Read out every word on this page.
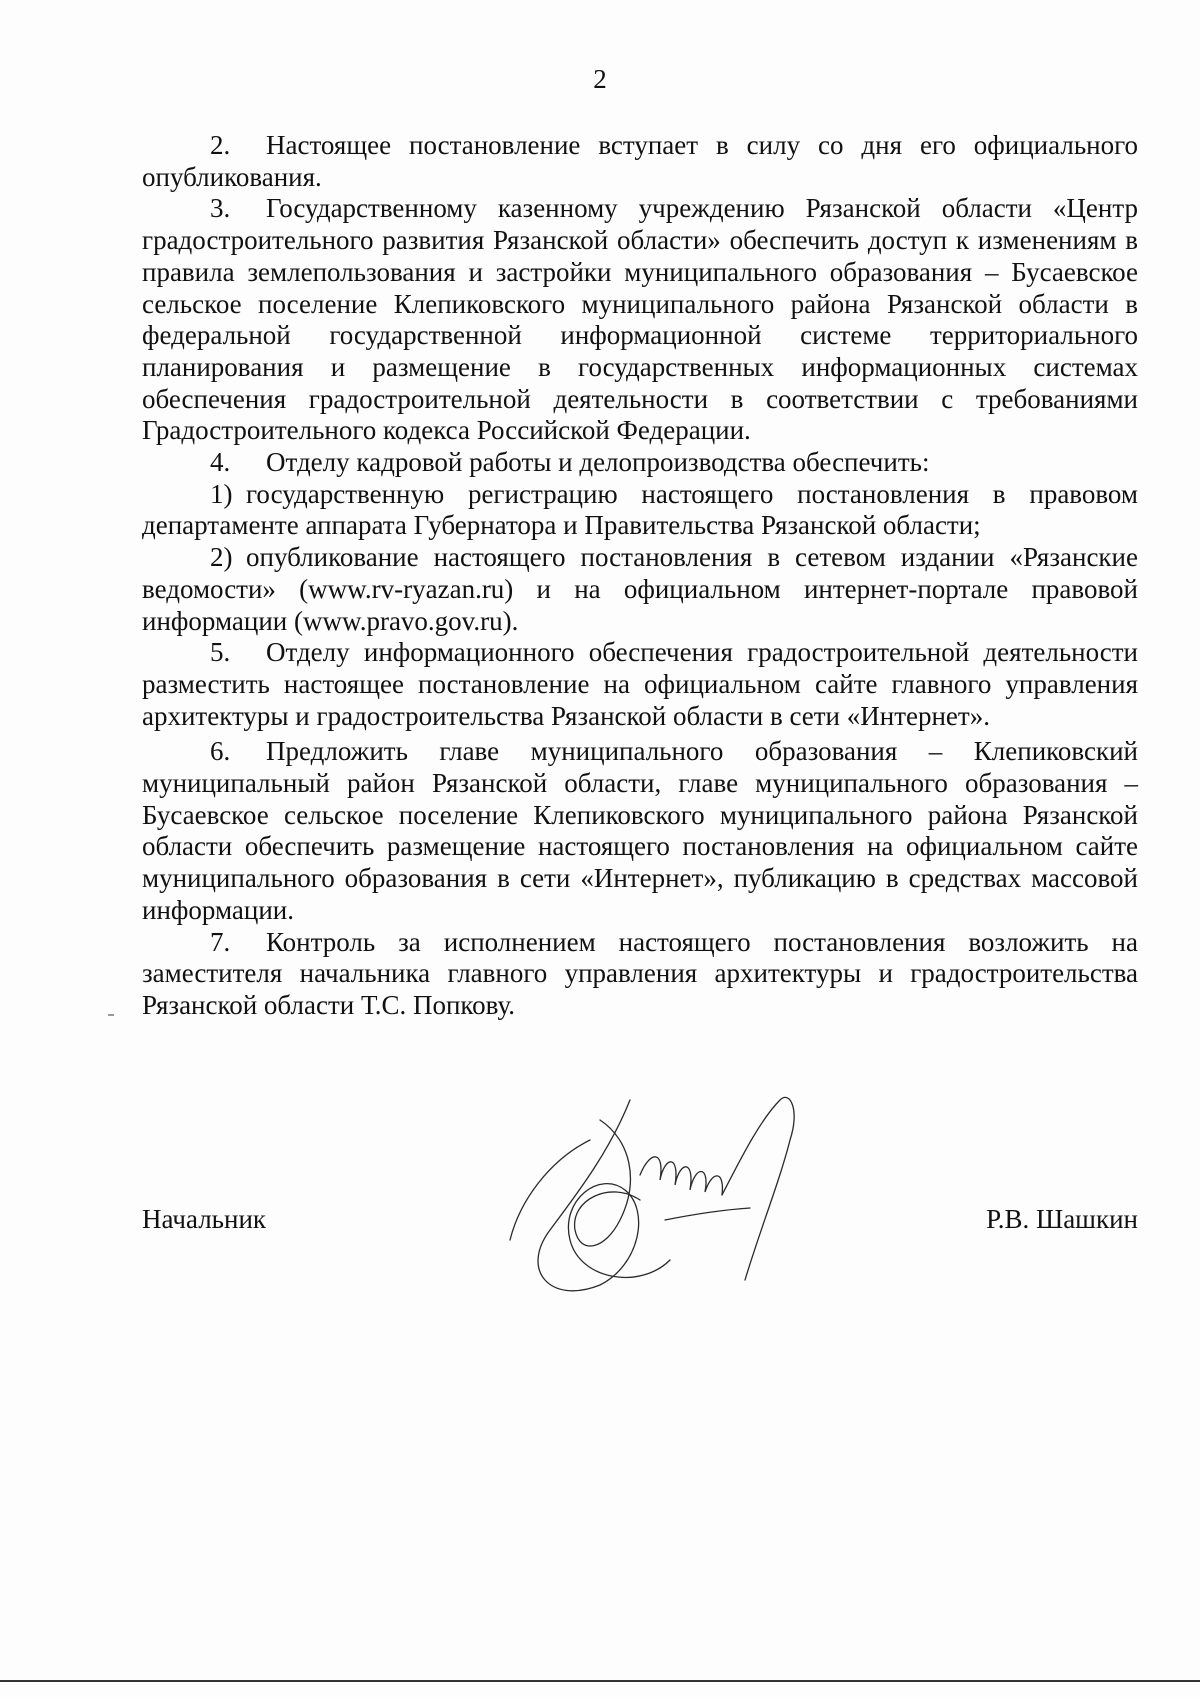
2

2. Настоящее постановление вступает в силу со дня его официального опубликования.

3. Государственному казенному учреждению Рязанской области «Центр градостроительного развития Рязанской области» обеспечить доступ к изменениям в правила землепользования и застройки муниципального образования – Бусаевское сельское поселение Клепиковского муниципального района Рязанской области в федеральной государственной информационной системе территориального планирования и размещение в государственных информационных системах обеспечения градостроительной деятельности в соответствии с требованиями Градостроительного кодекса Российской Федерации.

4. Отделу кадровой работы и делопроизводства обеспечить:

1) государственную регистрацию настоящего постановления в правовом департаменте аппарата Губернатора и Правительства Рязанской области;

2) опубликование настоящего постановления в сетевом издании «Рязанские ведомости» (www.rv-ryazan.ru) и на официальном интернет-портале правовой информации (www.pravo.gov.ru).

5. Отделу информационного обеспечения градостроительной деятельности разместить настоящее постановление на официальном сайте главного управления архитектуры и градостроительства Рязанской области в сети «Интернет».

6. Предложить главе муниципального образования – Клепиковский муниципальный район Рязанской области, главе муниципального образования – Бусаевское сельское поселение Клепиковского муниципального района Рязанской области обеспечить размещение настоящего постановления на официальном сайте муниципального образования в сети «Интернет», публикацию в средствах массовой информации.

7. Контроль за исполнением настоящего постановления возложить на заместителя начальника главного управления архитектуры и градостроительства Рязанской области Т.С. Попкову.

Начальник	Р.В. Шашкин
